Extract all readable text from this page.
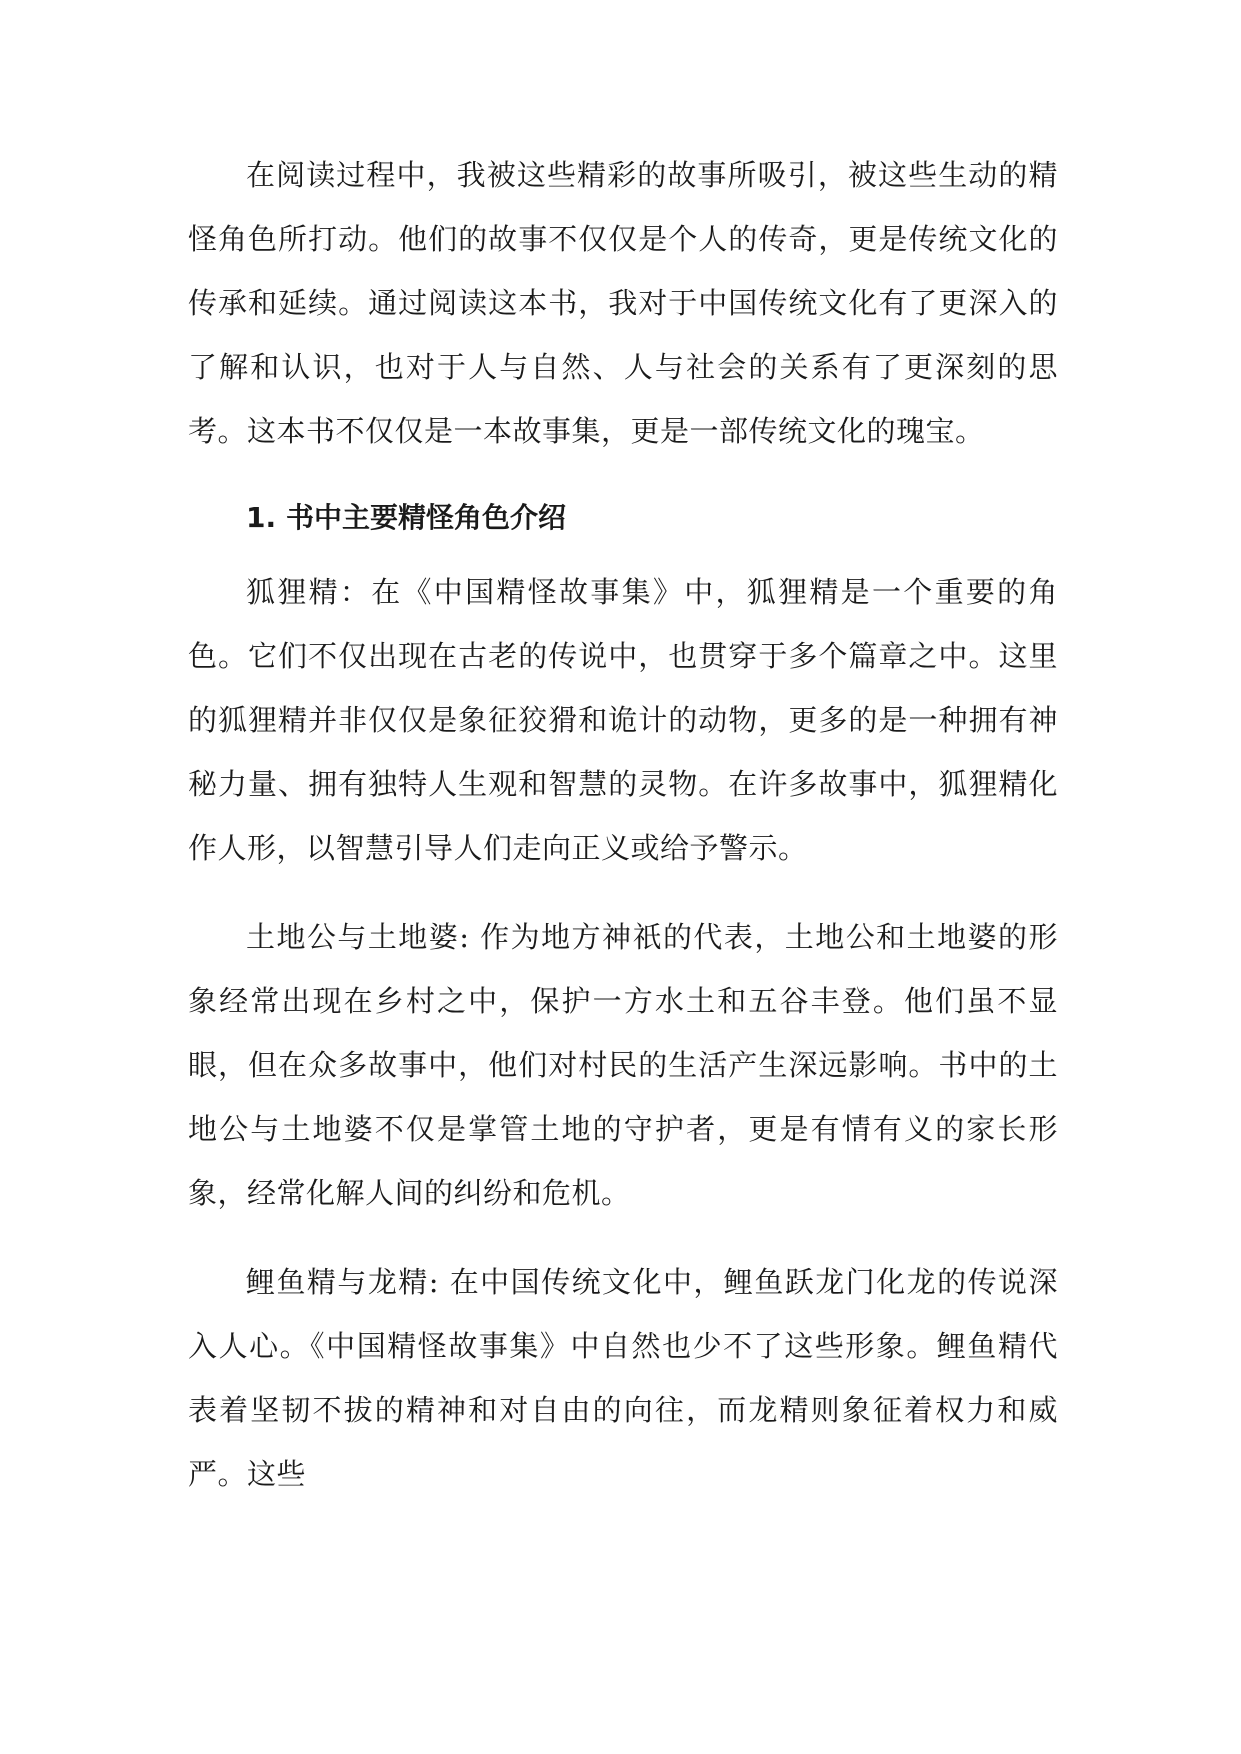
在阅读过程中，我被这些精彩的故事所吸引，被这些生动的精怪角色所打动。他们的故事不仅仅是个人的传奇，更是传统文化的传承和延续。通过阅读这本书，我对于中国传统文化有了更深入的了解和认识，也对于人与自然、人与社会的关系有了更深刻的思考。这本书不仅仅是一本故事集，更是一部传统文化的瑰宝。

1. 书中主要精怪角色介绍

狐狸精：在《中国精怪故事集》中，狐狸精是一个重要的角色。它们不仅出现在古老的传说中，也贯穿于多个篇章之中。这里的狐狸精并非仅仅是象征狡猾和诡计的动物，更多的是一种拥有神秘力量、拥有独特人生观和智慧的灵物。在许多故事中，狐狸精化作人形，以智慧引导人们走向正义或给予警示。

土地公与土地婆: 作为地方神祇的代表，土地公和土地婆的形象经常出现在乡村之中，保护一方水土和五谷丰登。他们虽不显眼，但在众多故事中，他们对村民的生活产生深远影响。书中的土地公与土地婆不仅是掌管土地的守护者，更是有情有义的家长形象，经常化解人间的纠纷和危机。

鲤鱼精与龙精: 在中国传统文化中，鲤鱼跃龙门化龙的传说深入人心。《中国精怪故事集》中自然也少不了这些形象。鲤鱼精代表着坚韧不拔的精神和对自由的向往，而龙精则象征着权力和威严。这些
